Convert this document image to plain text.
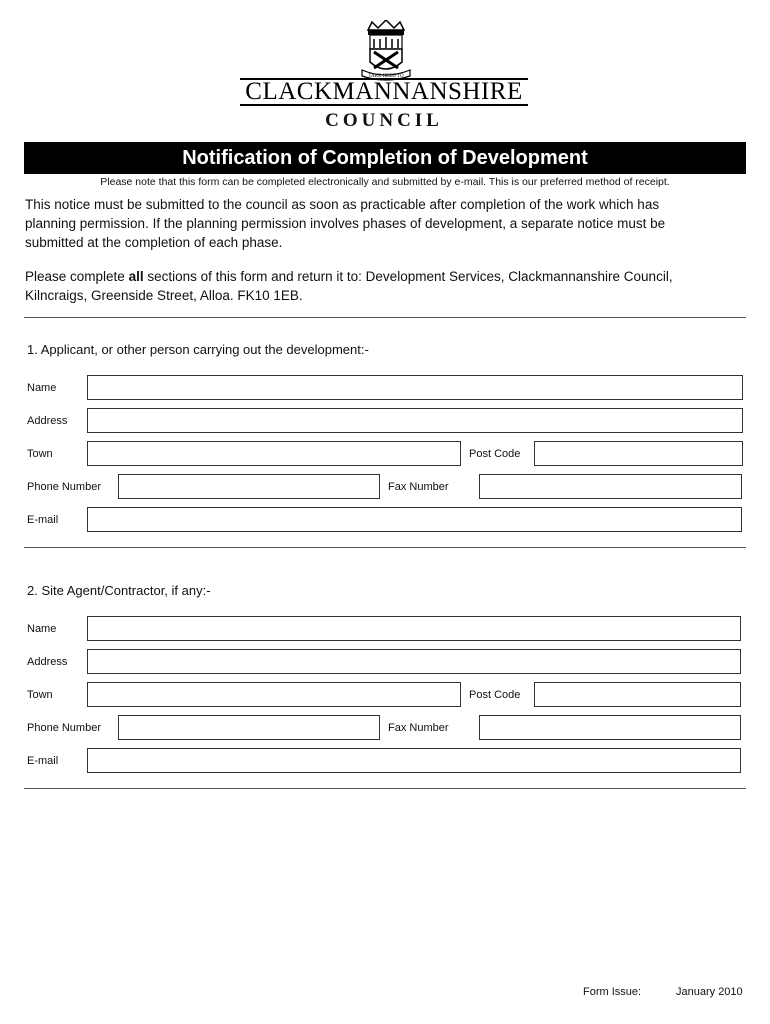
TAKE HEED TO
CLACKMANNANSHIRE
COUNCIL
Notification of Completion of Development
Please note that this form can be completed electronically and submitted by e-mail. This is our preferred method of receipt.
This notice must be submitted to the council as soon as practicable after completion of the work which has
planning permission. If the planning permission involves phases of development, a separate notice must be
submitted at the completion of each phase.
Please complete all sections of this form and return it to: Development Services, Clackmannanshire Council,
Kilncraigs, Greenside Street, Alloa. FK10 1EB.
1. Applicant, or other person carrying out the development:-
Name
Address
Town	Post Code
Phone Number	Fax Number
E-mail
2. Site Agent/Contractor, if any:-
Name
Address
Town	Post Code
Phone Number	Fax Number
E-mail
Form Issue:	January 2010
